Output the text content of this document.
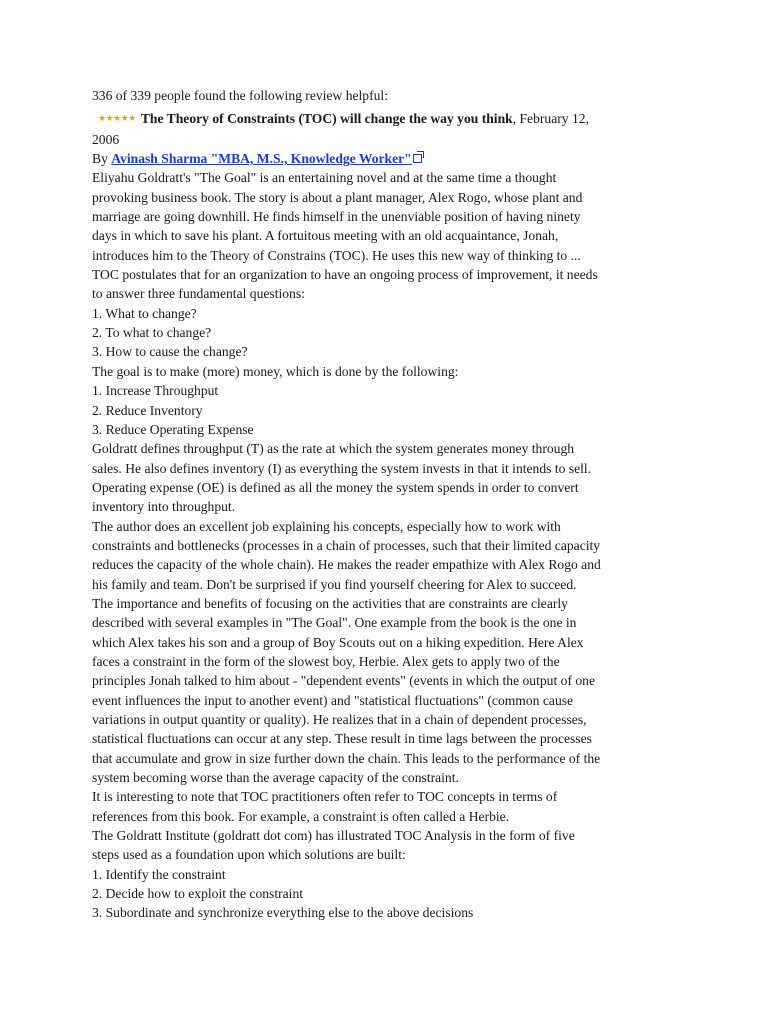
336 of 339 people found the following review helpful:
★★★★★ The Theory of Constraints (TOC) will change the way you think, February 12,
2006
By Avinash Sharma "MBA, M.S., Knowledge Worker"
Eliyahu Goldratt's "The Goal" is an entertaining novel and at the same time a thought
provoking business book. The story is about a plant manager, Alex Rogo, whose plant and
marriage are going downhill. He finds himself in the unenviable position of having ninety
days in which to save his plant. A fortuitous meeting with an old acquaintance, Jonah,
introduces him to the Theory of Constrains (TOC). He uses this new way of thinking to ...
TOC postulates that for an organization to have an ongoing process of improvement, it needs
to answer three fundamental questions:
1. What to change?
2. To what to change?
3. How to cause the change?
The goal is to make (more) money, which is done by the following:
1. Increase Throughput
2. Reduce Inventory
3. Reduce Operating Expense
Goldratt defines throughput (T) as the rate at which the system generates money through
sales. He also defines inventory (I) as everything the system invests in that it intends to sell.
Operating expense (OE) is defined as all the money the system spends in order to convert
inventory into throughput.
The author does an excellent job explaining his concepts, especially how to work with
constraints and bottlenecks (processes in a chain of processes, such that their limited capacity
reduces the capacity of the whole chain). He makes the reader empathize with Alex Rogo and
his family and team. Don't be surprised if you find yourself cheering for Alex to succeed.
The importance and benefits of focusing on the activities that are constraints are clearly
described with several examples in "The Goal". One example from the book is the one in
which Alex takes his son and a group of Boy Scouts out on a hiking expedition. Here Alex
faces a constraint in the form of the slowest boy, Herbie. Alex gets to apply two of the
principles Jonah talked to him about - "dependent events" (events in which the output of one
event influences the input to another event) and "statistical fluctuations" (common cause
variations in output quantity or quality). He realizes that in a chain of dependent processes,
statistical fluctuations can occur at any step. These result in time lags between the processes
that accumulate and grow in size further down the chain. This leads to the performance of the
system becoming worse than the average capacity of the constraint.
It is interesting to note that TOC practitioners often refer to TOC concepts in terms of
references from this book. For example, a constraint is often called a Herbie.
The Goldratt Institute (goldratt dot com) has illustrated TOC Analysis in the form of five
steps used as a foundation upon which solutions are built:
1. Identify the constraint
2. Decide how to exploit the constraint
3. Subordinate and synchronize everything else to the above decisions
